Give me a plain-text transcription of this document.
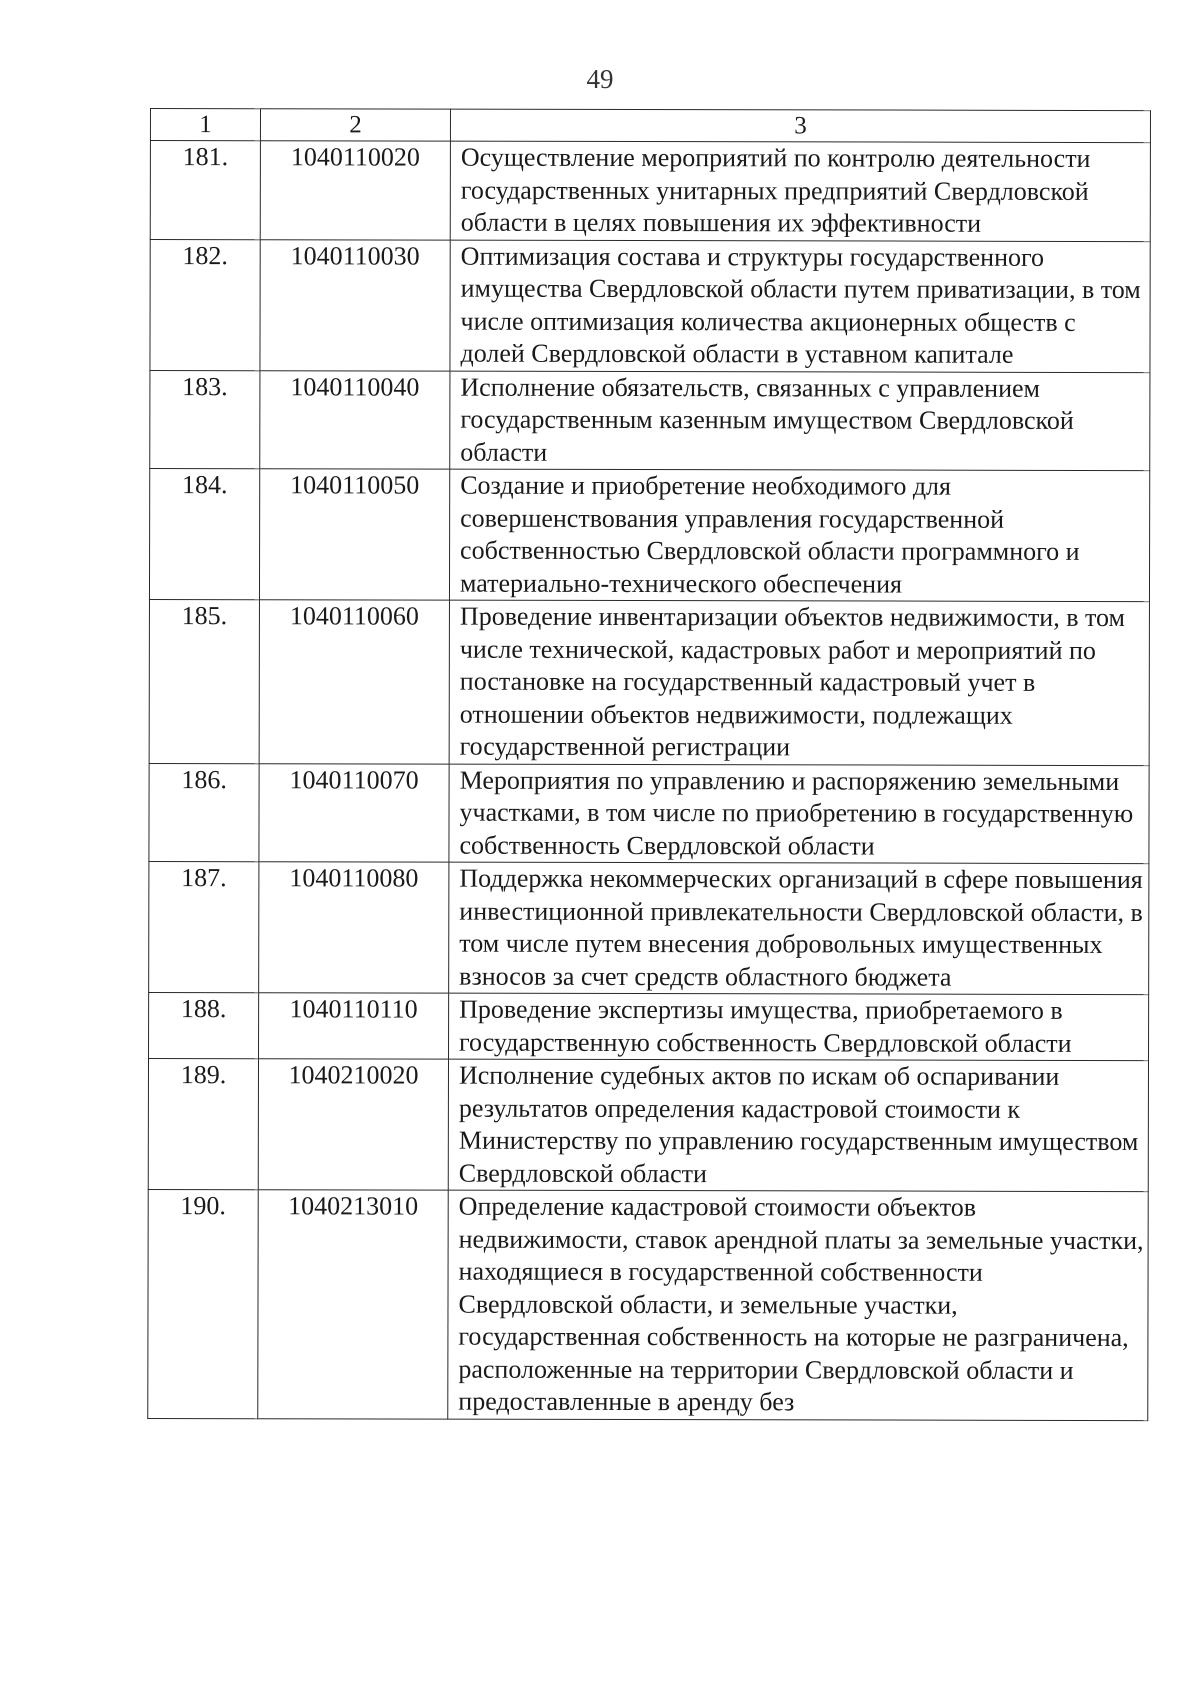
49
1	2	3
181.	1040110020	Осуществление мероприятий по контролю деятельности государственных унитарных предприятий Свердловской области в целях повышения их эффективности
182.	1040110030	Оптимизация состава и структуры государственного имущества Свердловской области путем приватизации, в том числе оптимизация количества акционерных обществ с долей Свердловской области в уставном капитале
183.	1040110040	Исполнение обязательств, связанных с управлением государственным казенным имуществом Свердловской области
184.	1040110050	Создание и приобретение необходимого для совершенствования управления государственной собственностью Свердловской области программного и материально-технического обеспечения
185.	1040110060	Проведение инвентаризации объектов недвижимости, в том числе технической, кадастровых работ и мероприятий по постановке на государственный кадастровый учет в отношении объектов недвижимости, подлежащих государственной регистрации
186.	1040110070	Мероприятия по управлению и распоряжению земельными участками, в том числе по приобретению в государственную собственность Свердловской области
187.	1040110080	Поддержка некоммерческих организаций в сфере повышения инвестиционной привлекательности Свердловской области, в том числе путем внесения добровольных имущественных взносов за счет средств областного бюджета
188.	1040110110	Проведение экспертизы имущества, приобретаемого в государственную собственность Свердловской области
189.	1040210020	Исполнение судебных актов по искам об оспаривании результатов определения кадастровой стоимости к Министерству по управлению государственным имуществом Свердловской области
190.	1040213010	Определение кадастровой стоимости объектов недвижимости, ставок арендной платы за земельные участки, находящиеся в государственной собственности Свердловской области, и земельные участки, государственная собственность на которые не разграничена, расположенные на территории Свердловской области и предоставленные в аренду без
